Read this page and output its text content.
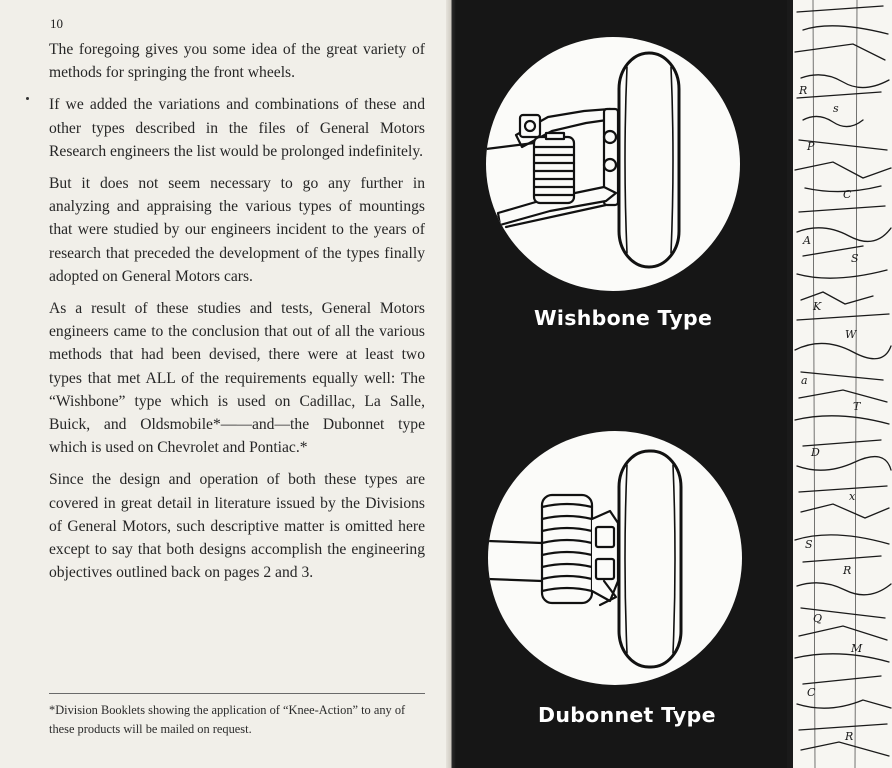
10

The foregoing gives you some idea of the great variety of methods for springing the front wheels.

If we added the variations and combinations of these and other types described in the files of General Motors Research engineers the list would be prolonged indefinitely.

But it does not seem necessary to go any further in analyzing and appraising the various types of mountings that were studied by our engineers incident to the years of research that preceded the development of the types finally adopted on General Motors cars.

As a result of these studies and tests, General Motors engineers came to the conclusion that out of all the various methods that had been devised, there were at least two types that met ALL of the requirements equally well: The “Wishbone” type which is used on Cadillac, La Salle, Buick, and Oldsmobile*——and—the Dubonnet type which is used on Chevrolet and Pontiac.*

Since the design and operation of both these types are covered in great detail in literature issued by the Divisions of General Motors, such descriptive matter is omitted here except to say that both designs accomplish the engineering objectives outlined back on pages 2 and 3.

*Division Booklets showing the application of “Knee-Action” to any of these products will be mailed on request.
Wishbone Type
Dubonnet Type
R
s
P
C
A
S
K
W
a
T
D
x
S
R
Q
M
C
R
